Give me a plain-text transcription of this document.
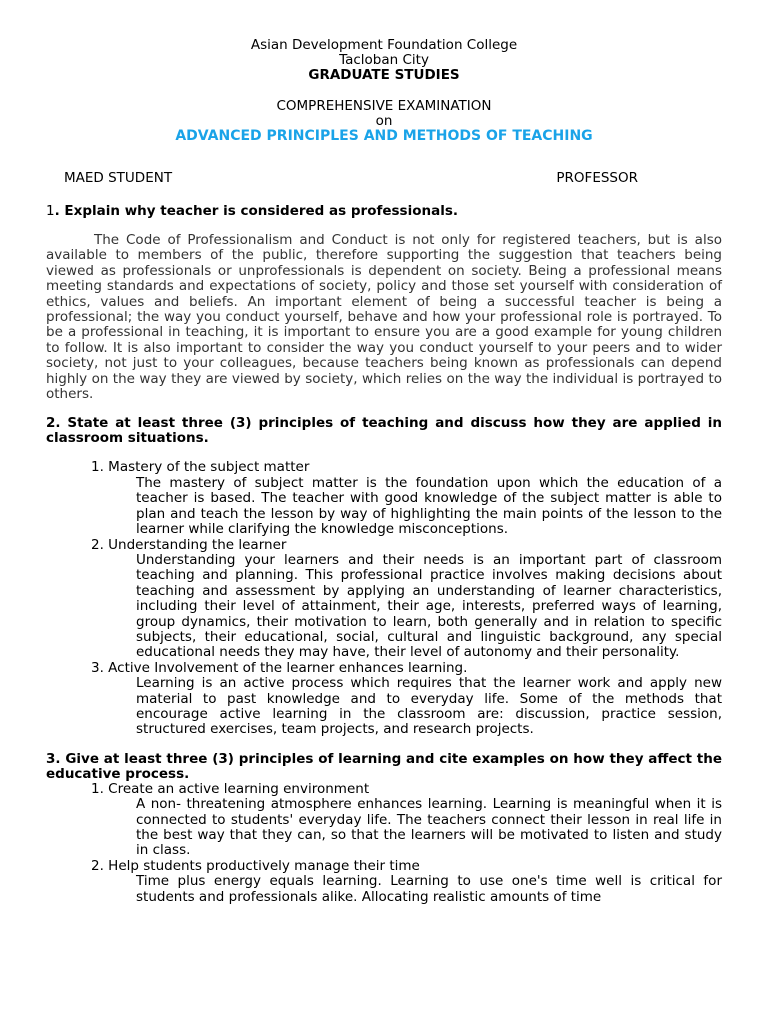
Asian Development Foundation College
Tacloban City
GRADUATE STUDIES
COMPREHENSIVE EXAMINATION
on
ADVANCED PRINCIPLES AND METHODS OF TEACHING
MAED STUDENT	PROFESSOR
1. Explain why teacher is considered as professionals.

The Code of Professionalism and Conduct is not only for registered teachers, but is also available to members of the public, therefore supporting the suggestion that teachers being viewed as professionals or unprofessionals is dependent on society. Being a professional means meeting standards and expectations of society, policy and those set yourself with consideration of ethics, values and beliefs. An important element of being a successful teacher is being a professional; the way you conduct yourself, behave and how your professional role is portrayed. To be a professional in teaching, it is important to ensure you are a good example for young children to follow. It is also important to consider the way you conduct yourself to your peers and to wider society, not just to your colleagues, because teachers being known as professionals can depend highly on the way they are viewed by society, which relies on the way the individual is portrayed to others.

2. State at least three (3) principles of teaching and discuss how they are applied in classroom situations.
1. Mastery of the subject matter
The mastery of subject matter is the foundation upon which the education of a teacher is based. The teacher with good knowledge of the subject matter is able to plan and teach the lesson by way of highlighting the main points of the lesson to the learner while clarifying the knowledge misconceptions.
2. Understanding the learner
Understanding your learners and their needs is an important part of classroom teaching and planning. This professional practice involves making decisions about teaching and assessment by applying an understanding of learner characteristics, including their level of attainment, their age, interests, preferred ways of learning, group dynamics, their motivation to learn, both generally and in relation to specific subjects, their educational, social, cultural and linguistic background, any special educational needs they may have, their level of autonomy and their personality.
3. Active Involvement of the learner enhances learning.
Learning is an active process which requires that the learner work and apply new material to past knowledge and to everyday life. Some of the methods that encourage active learning in the classroom are: discussion, practice session, structured exercises, team projects, and research projects.
3. Give at least three (3) principles of learning and cite examples on how they affect the educative process.
1. Create an active learning environment
A non- threatening atmosphere enhances learning. Learning is meaningful when it is connected to students' everyday life. The teachers connect their lesson in real life in the best way that they can, so that the learners will be motivated to listen and study in class.
2. Help students productively manage their time
Time plus energy equals learning. Learning to use one's time well is critical for students and professionals alike. Allocating realistic amounts of time
